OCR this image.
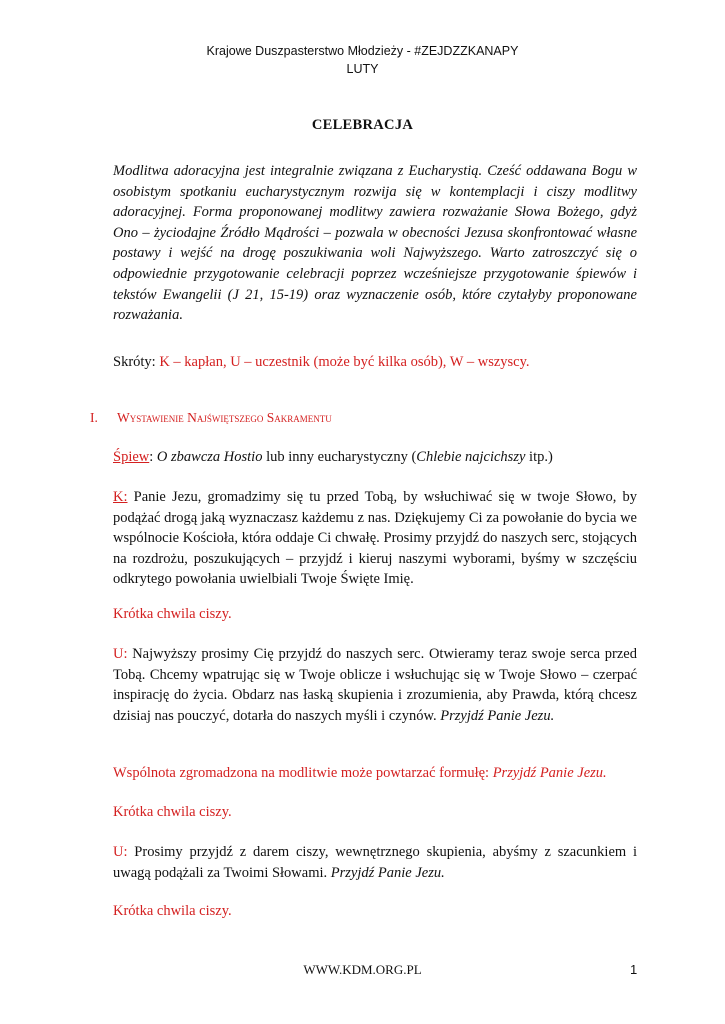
Krajowe Duszpasterstwo Młodzieży - #ZEJDZZKANAPY
LUTY
CELEBRACJA
Modlitwa adoracyjna jest integralnie związana z Eucharystią. Cześć oddawana Bogu w osobistym spotkaniu eucharystycznym rozwija się w kontemplacji i ciszy modlitwy adoracyjnej. Forma proponowanej modlitwy zawiera rozważanie Słowa Bożego, gdyż Ono – życiodajne Źródło Mądrości – pozwala w obecności Jezusa skonfrontować własne postawy i wejść na drogę poszukiwania woli Najwyższego. Warto zatroszczyć się o odpowiednie przygotowanie celebracji poprzez wcześniejsze przygotowanie śpiewów i tekstów Ewangelii (J 21, 15-19) oraz wyznaczenie osób, które czytałyby proponowane rozważania.
Skróty: K – kapłan, U – uczestnik (może być kilka osób), W – wszyscy.
I. Wystawienie Najświętszego Sakramentu
Śpiew: O zbawcza Hostio lub inny eucharystyczny (Chlebie najcichszy itp.)
K: Panie Jezu, gromadzimy się tu przed Tobą, by wsłuchiwać się w twoje Słowo, by podążać drogą jaką wyznaczasz każdemu z nas. Dziękujemy Ci za powołanie do bycia we wspólnocie Kościoła, która oddaje Ci chwałę. Prosimy przyjdź do naszych serc, stojących na rozdrożu, poszukujących – przyjdź i kieruj naszymi wyborami, byśmy w szczęściu odkrytego powołania uwielbiali Twoje Święte Imię.
Krótka chwila ciszy.
U: Najwyższy prosimy Cię przyjdź do naszych serc. Otwieramy teraz swoje serca przed Tobą. Chcemy wpatrując się w Twoje oblicze i wsłuchując się w Twoje Słowo – czerpać inspirację do życia. Obdarz nas łaską skupienia i zrozumienia, aby Prawda, którą chcesz dzisiaj nas pouczyć, dotarła do naszych myśli i czynów. Przyjdź Panie Jezu.
Wspólnota zgromadzona na modlitwie może powtarzać formułę: Przyjdź Panie Jezu.
Krótka chwila ciszy.
U: Prosimy przyjdź z darem ciszy, wewnętrznego skupienia, abyśmy z szacunkiem i uwagą podążali za Twoimi Słowami. Przyjdź Panie Jezu.
Krótka chwila ciszy.
WWW.KDM.ORG.PL	1
